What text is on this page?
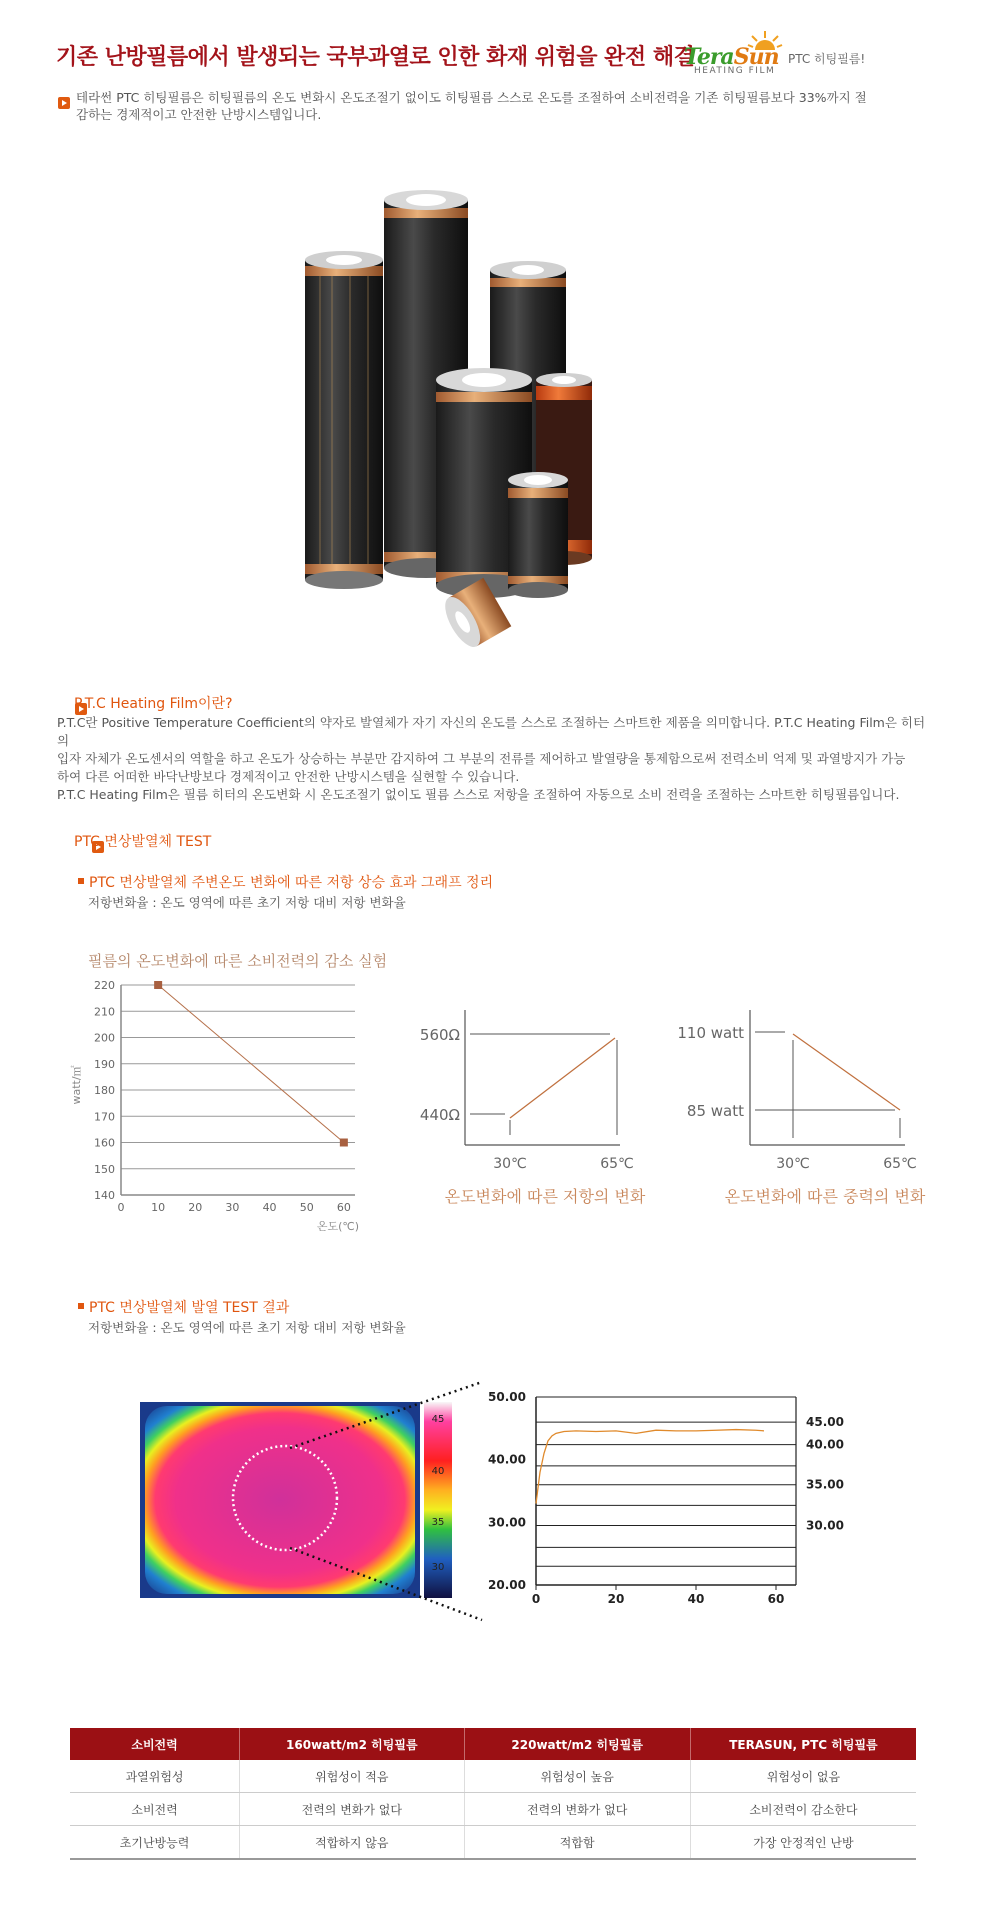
기존 난방필름에서 발생되는 국부과열로 인한 화재 위험을 완전 해결
TeraSun
HEATING FILM
PTC 히팅필름!

테라썬 PTC 히팅필름은 히팅필름의 온도 변화시 온도조절기 없이도 히팅필름 스스로 온도를 조절하여 소비전력을 기존 히팅필름보다 33%까지 절감하는 경제적이고 안전한 난방시스템입니다.

P.T.C Heating Film이란?
P.T.C란 Positive Temperature Coefficient의 약자로 발열체가 자기 자신의 온도를 스스로 조절하는 스마트한 제품을 의미합니다. P.T.C Heating Film은 히터의
입자 자체가 온도센서의 역할을 하고 온도가 상승하는 부분만 감지하여 그 부분의 전류를 제어하고 발열량을 통제함으로써 전력소비 억제 및 과열방지가 가능
하여 다른 어떠한 바닥난방보다 경제적이고 안전한 난방시스템을 실현할 수 있습니다.
P.T.C Heating Film은 필름 히터의 온도변화 시 온도조절기 없이도 필름 스스로 저항을 조절하여 자동으로 소비 전력을 조절하는 스마트한 히팅필름입니다.
PTC 면상발열체 TEST
PTC 면상발열체 주변온도 변화에 따른 저항 상승 효과 그래프 정리
저항변화율 : 온도 영역에 따른 초기 저항 대비 저항 변화율
필름의 온도변화에 따른 소비전력의 감소 실험
140
150
160
170
180
190
200
210
220
0 10 20 30 40 50 60
watt/㎡
온도(℃)
560Ω
440Ω
30℃	65℃
온도변화에 따른 저항의 변화
110 watt
85 watt
30℃	65℃
온도변화에 따른 중력의 변화
PTC 면상발열체 발열 TEST 결과
저항변화율 : 온도 영역에 따른 초기 저항 대비 저항 변화율
45
40
35
30
50.00
40.00
30.00
20.00
45.00
40.00
35.00
30.00
0	20	40	60
소비전력	160watt/m2 히팅필름	220watt/m2 히팅필름	TERASUN, PTC 히팅필름
과열위험성	위험성이 적음	위험성이 높음	위험성이 없음
소비전력	전력의 변화가 없다	전력의 변화가 없다	소비전력이 감소한다
초기난방능력	적합하지 않음	적합함	가장 안정적인 난방
